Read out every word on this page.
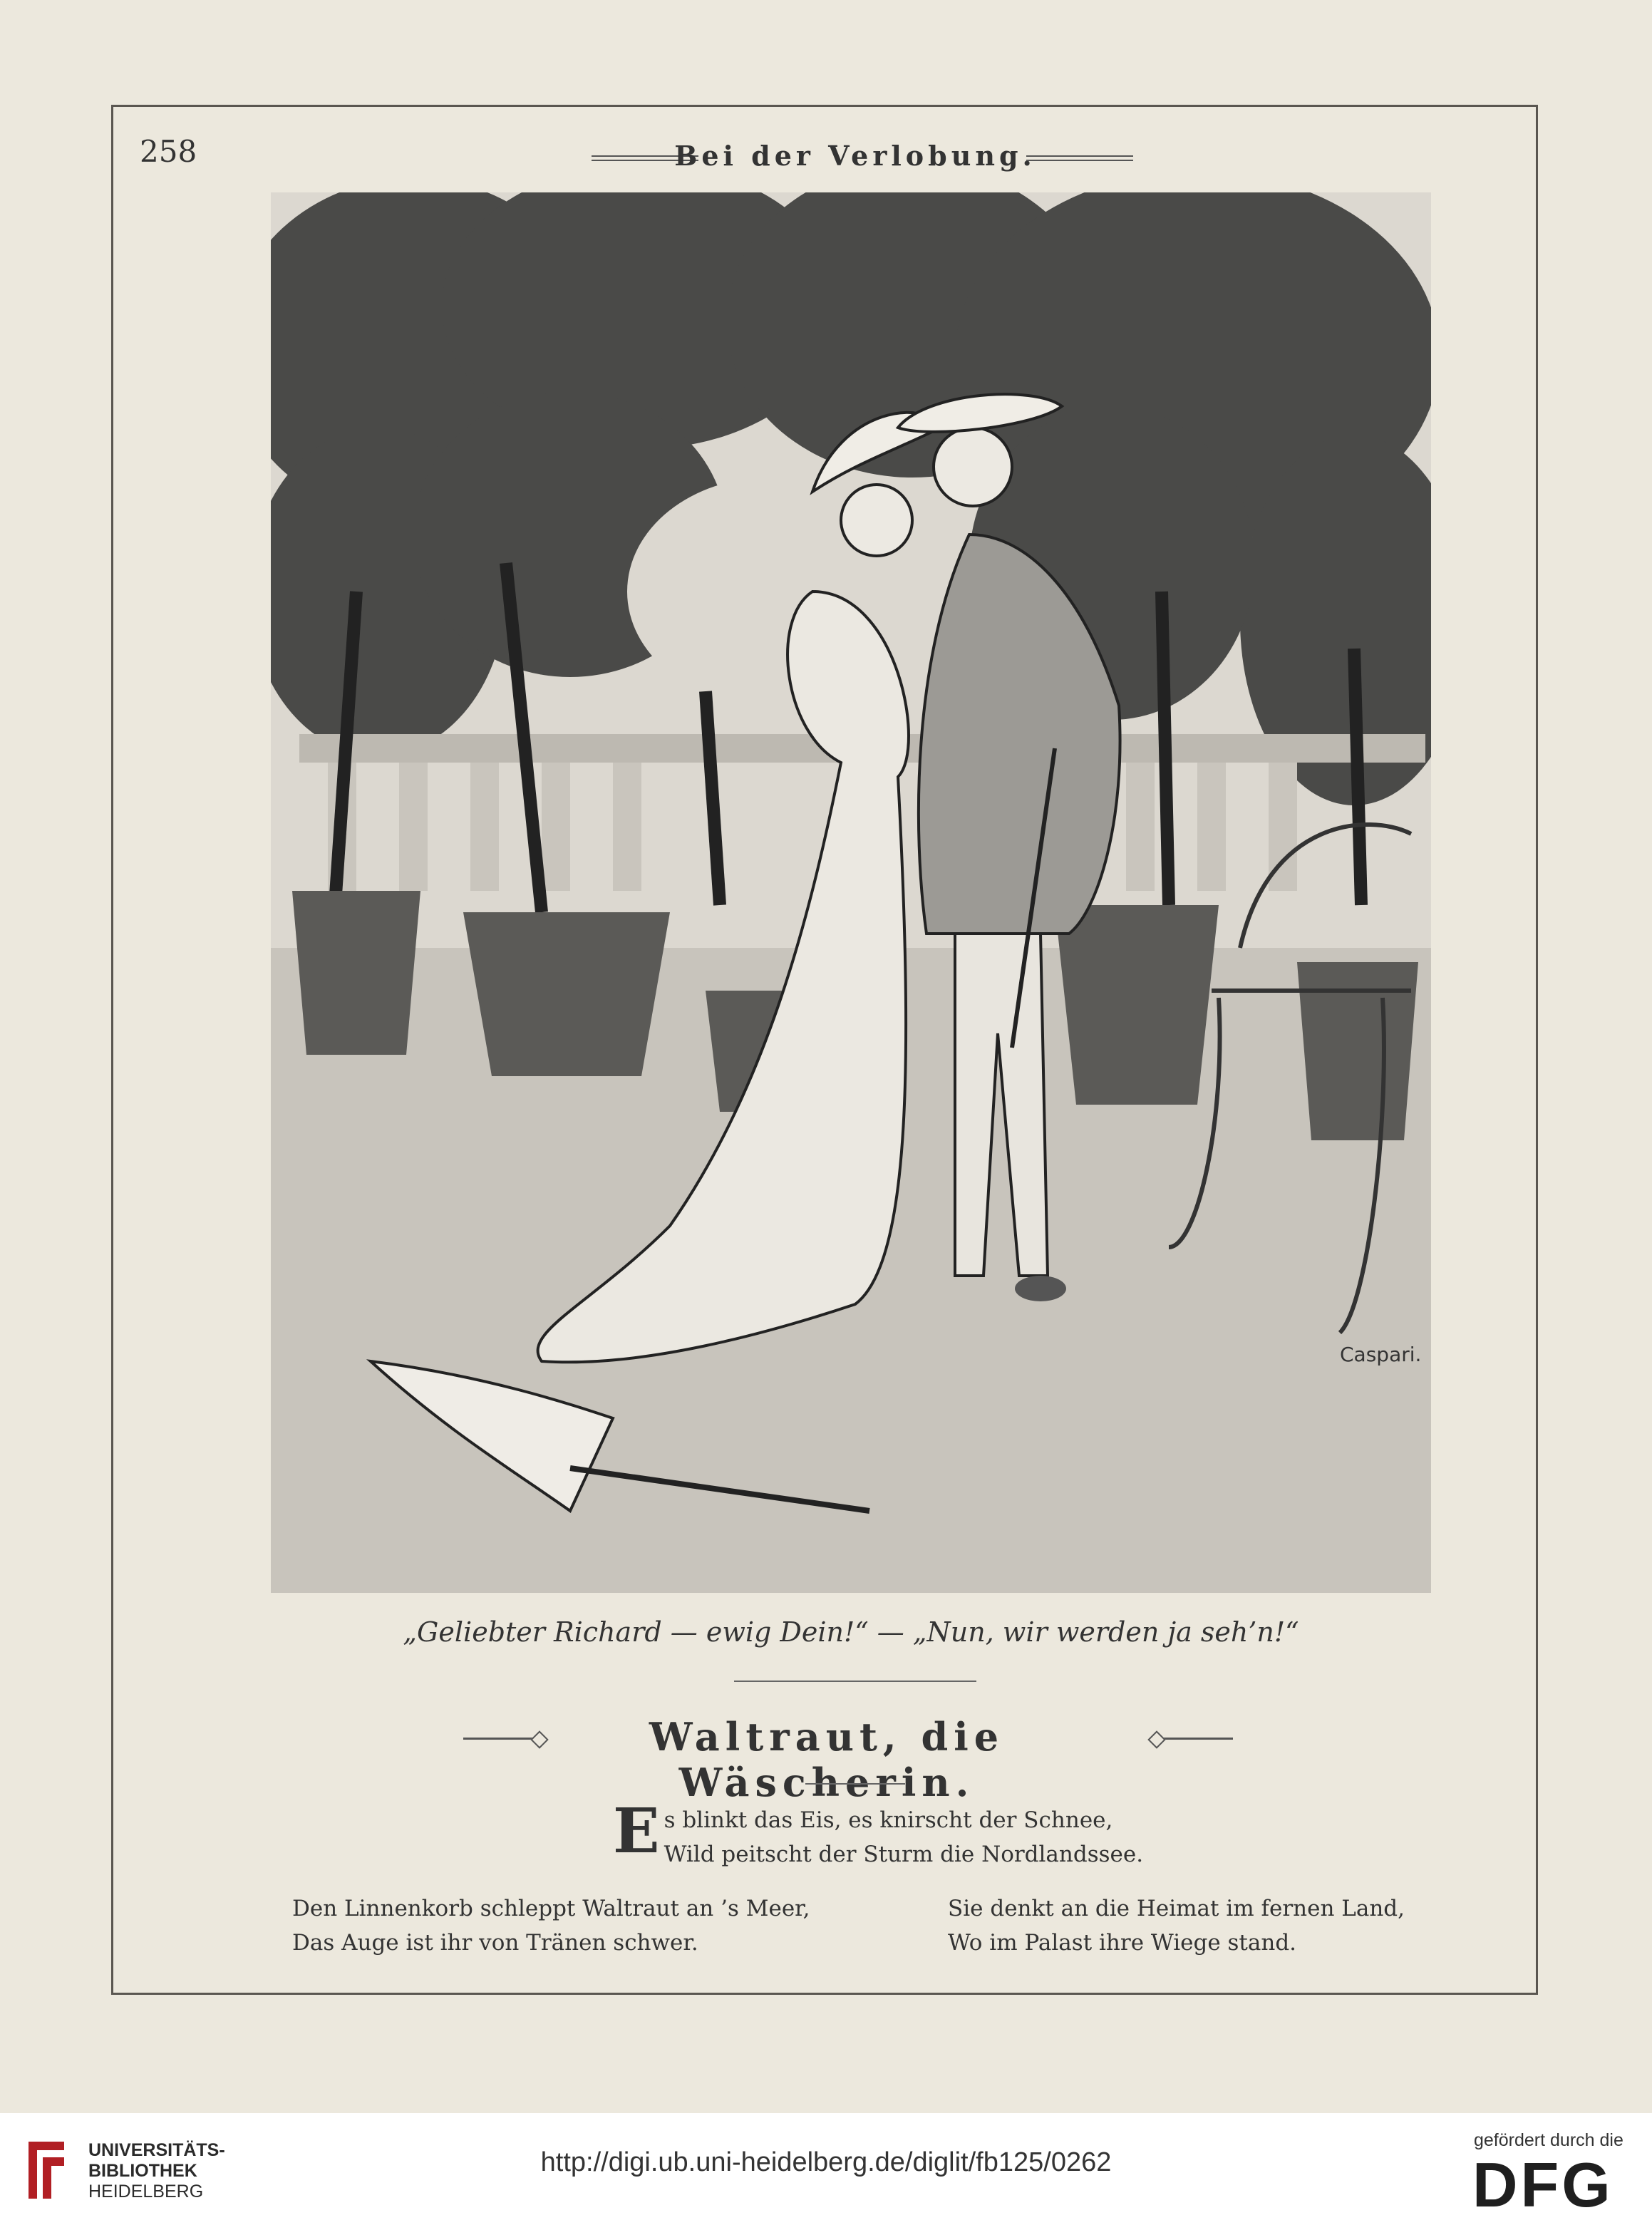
258	Bei der Verlobung.
Caspari.
„Geliebter Richard — ewig Dein!“ — „Nun, wir werden ja seh’n!“
Waltraut, die Wäscherin.
E s blinkt das Eis, es knirscht der Schnee,
Wild peitscht der Sturm die Nordlandssee.
Den Linnenkorb schleppt Waltraut an ’s Meer,
Das Auge ist ihr von Tränen schwer.
Sie denkt an die Heimat im fernen Land,
Wo im Palast ihre Wiege stand.
UNIVERSITÄTS-
BIBLIOTHEK
HEIDELBERG
http://digi.ub.uni-heidelberg.de/diglit/fb125/0262
gefördert durch die
DFG
